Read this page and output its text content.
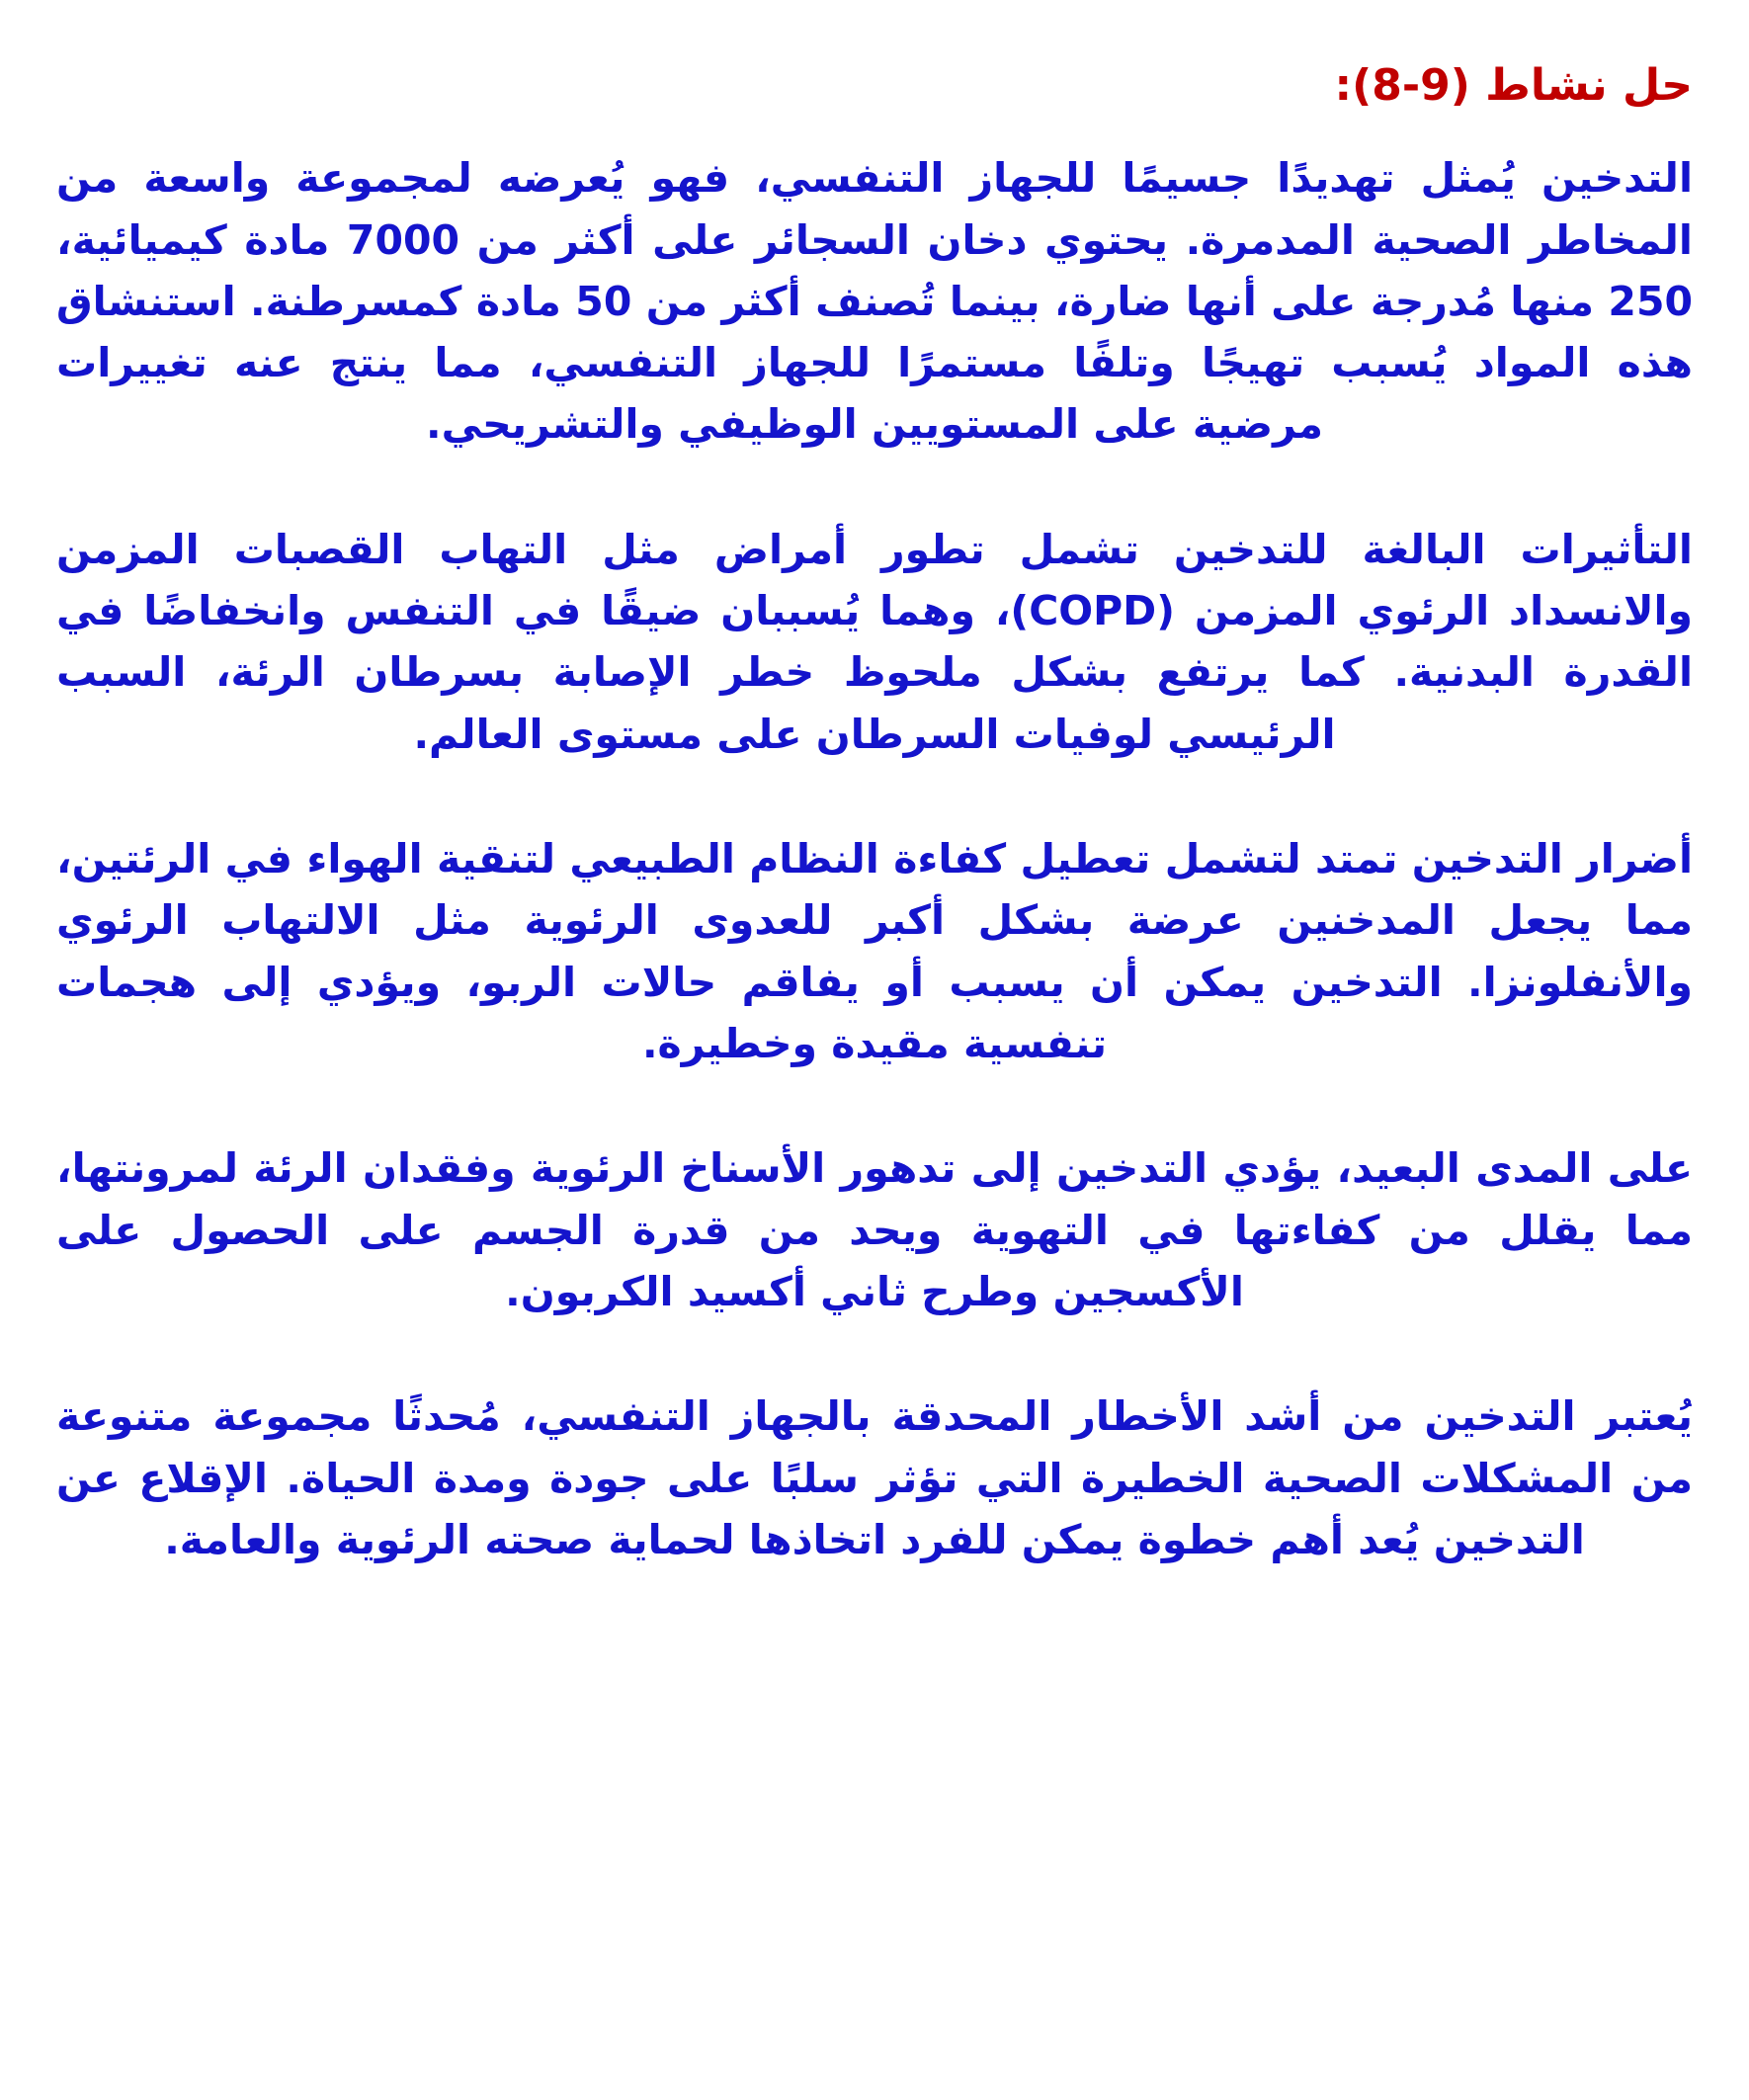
حل نشاط (9-8):

التدخين يُمثل تهديدًا جسيمًا للجهاز التنفسي، فهو يُعرضه لمجموعة واسعة من المخاطر الصحية المدمرة. يحتوي دخان السجائر على أكثر من 7000 مادة كيميائية، 250 منها مُدرجة على أنها ضارة، بينما تُصنف أكثر من 50 مادة كمسرطنة. استنشاق هذه المواد يُسبب تهيجًا وتلفًا مستمرًا للجهاز التنفسي، مما ينتج عنه تغييرات مرضية على المستويين الوظيفي والتشريحي.

التأثيرات البالغة للتدخين تشمل تطور أمراض مثل التهاب القصبات المزمن والانسداد الرئوي المزمن (COPD)، وهما يُسببان ضيقًا في التنفس وانخفاضًا في القدرة البدنية. كما يرتفع بشكل ملحوظ خطر الإصابة بسرطان الرئة، السبب الرئيسي لوفيات السرطان على مستوى العالم.

أضرار التدخين تمتد لتشمل تعطيل كفاءة النظام الطبيعي لتنقية الهواء في الرئتين، مما يجعل المدخنين عرضة بشكل أكبر للعدوى الرئوية مثل الالتهاب الرئوي والأنفلونزا. التدخين يمكن أن يسبب أو يفاقم حالات الربو، ويؤدي إلى هجمات تنفسية مقيدة وخطيرة.

على المدى البعيد، يؤدي التدخين إلى تدهور الأسناخ الرئوية وفقدان الرئة لمرونتها، مما يقلل من كفاءتها في التهوية ويحد من قدرة الجسم على الحصول على الأكسجين وطرح ثاني أكسيد الكربون.

يُعتبر التدخين من أشد الأخطار المحدقة بالجهاز التنفسي، مُحدثًا مجموعة متنوعة من المشكلات الصحية الخطيرة التي تؤثر سلبًا على جودة ومدة الحياة. الإقلاع عن التدخين يُعد أهم خطوة يمكن للفرد اتخاذها لحماية صحته الرئوية والعامة.
